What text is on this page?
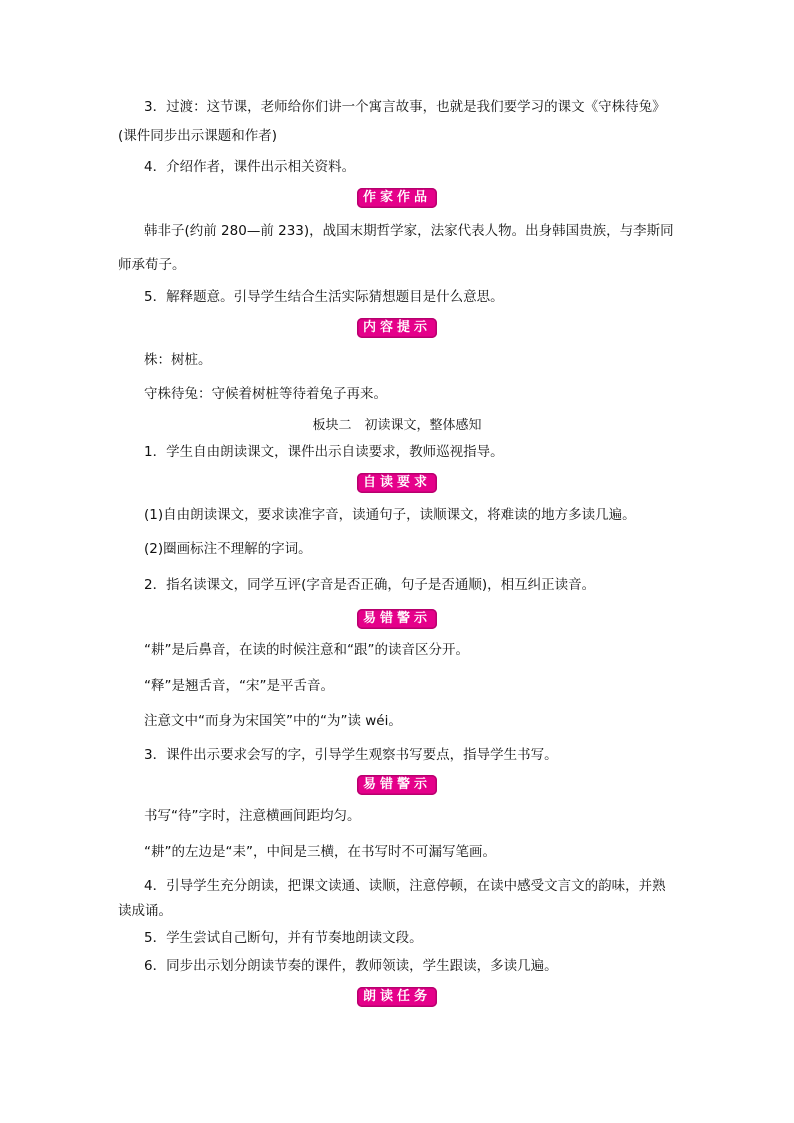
3．过渡：这节课，老师给你们讲一个寓言故事，也就是我们要学习的课文《守株待兔》
(课件同步出示课题和作者)
4．介绍作者，课件出示相关资料。
作家作品
韩非子(约前 280—前 233)，战国末期哲学家，法家代表人物。出身韩国贵族，与李斯同
师承荀子。
5．解释题意。引导学生结合生活实际猜想题目是什么意思。
内容提示
株：树桩。
守株待兔：守候着树桩等待着兔子再来。
板块二　初读课文，整体感知
1．学生自由朗读课文，课件出示自读要求，教师巡视指导。
自读要求
(1)自由朗读课文，要求读准字音，读通句子，读顺课文，将难读的地方多读几遍。
(2)圈画标注不理解的字词。
2．指名读课文，同学互评(字音是否正确，句子是否通顺)，相互纠正读音。
易错警示
“耕”是后鼻音，在读的时候注意和“跟”的读音区分开。
“释”是翘舌音，“宋”是平舌音。
注意文中“而身为宋国笑”中的“为”读 wéi。
3．课件出示要求会写的字，引导学生观察书写要点，指导学生书写。
易错警示
书写“待”字时，注意横画间距均匀。
“耕”的左边是“耒”，中间是三横，在书写时不可漏写笔画。
4．引导学生充分朗读，把课文读通、读顺，注意停顿，在读中感受文言文的韵味，并熟
读成诵。
5．学生尝试自己断句，并有节奏地朗读文段。
6．同步出示划分朗读节奏的课件，教师领读，学生跟读，多读几遍。
朗读任务
